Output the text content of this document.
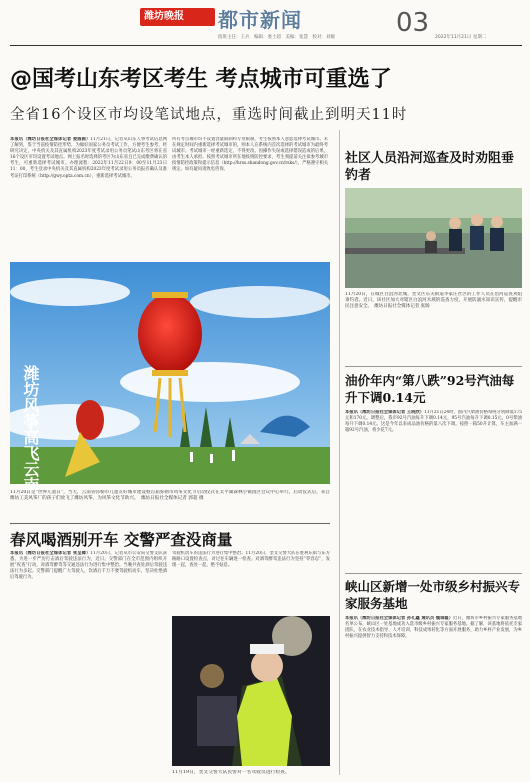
潍坊晚报	都市新闻
值班主任：王兵　 编辑：娄士超　 美编：张慧　 校对：刘敏 03 2022年11月21日 星期二
@国考山东考区考生 考点城市可重选了
全省16个设区市均设笔试地点，重选时间截止到明天11时
本报讯（潍坊日报社全媒体记者 姜圆圆）11月21日，记者从山东人事考试信息网了解到，鉴于当前疫情防控形势，为做好国家公务员考试工作，方便考生参考，经研究决定，中央机关及其直属机构2023年度考试录用公务员笔试山东考区将在省16个设区市均设置考试地点。网上报名时选择的考区为山东省且已完成缴费确认的考生，可重新选择考试城市。办理流程：2022年11月22日9：00至11月23日11：00，考生登录中央机关及其直属机构2023年度考试录用公务员报名确认及准考证打印系统（http://gwy.opta.com.cn），重新选择考试城市。
所有考点城市均不设置容量限制和专业限制，考生按照本人意愿选择考试城市。未在规定时间内重新选择考试城市的，则本人在系统内首次选择的考试城市为最终考试城市。考试城市一经重新选定，不得更改。因操作失误或选择错误造成的后果，由考生本人承担。按照考试城市所在地疫情防控要求，考生须提前关注拟参考城市疫情防控政策和提示信息（http://hrss.shandong.gov.cn/rsks/），严格遵守相关规定。如有疑问请致电咨询。
潍坊风筝高飞云南
11月20日是“世界儿童日”，当天，云南省弥勒市儿童友好城市建设暨首届弥勒市风筝文化节启动仪式在太平湖森林小镇园区会议中心举行。启动仪式后，来自潍坊工美风筝厂的孩子们放飞了潍坊风筝，为风筝文化节助兴。　 潍坊日报社全媒体记者 郭超 摄
春风喝酒别开车 交警严查没商量
本报讯（潍坊日报社全媒体记者 张呈卿）11月20日，记者从市公安局交警支队获悉，为进一步严厉打击酒后驾驶违法行为，近日，交警部门在全市范围内组织开展“夜查”行动，对酒驾醉驾等交通违法行为进行集中整治。当晚共查处酒后驾驶违法行为多起。交警部门提醒广大驾驶人，饮酒后千万不要驾驶机动车，坚决杜绝酒后驾驶行为。
驾驶机动车的违法行为进行集中整治。11月20日，奎文交警大队在胜利东街与东方路路口设置检查点，对过往车辆逐一检查。对酒驾醉驾违法行为坚持“零容忍”，发现一起，查处一起，绝不姑息。
11月19日，奎文交警大队民警对一名驾驶员进行检查。
社区人员沿河巡查及时劝阻垂钓者
11月20日，在城区白浪河北城，奎文区东关街道李家庄社区的工作人员在沿河巡查劝阻垂钓者。近日，该社区加大对辖区白浪河水域的巡查力度，开展防溺水知识宣传，提醒市民注意安全。　 潍坊日报社全媒体记者 张旸
油价年内“第八跌”92号汽油每升下调0.14元
本报讯（潍坊日报社全媒体记者 王晓欣）11月21日24时，国内汽柴油价格每吨分别降低175元和170元。调整后，我市92号汽油每升下调0.14元，95号汽油每升下调0.15元，0号柴油每升下调0.14元。这是今年以来成品油价格的第八次下调。按照一箱50升计算，车主加满一箱92号汽油，将少花7元。
峡山区新增一处市级乡村振兴专家服务基地
本报讯（潍坊日报社全媒体记者 孙孔鑫 通讯员 魏瑞霞）近日，潍坊市乡村振兴专家服务基地名单公布，峡山区一处基地成功入选市级乡村振兴专家服务基地。据了解，该基地将依托专家团队，在农业技术指导、人才培训、科技成果转化等方面开展服务，助力乡村产业发展，为乡村振兴提供智力支持和技术保障。
